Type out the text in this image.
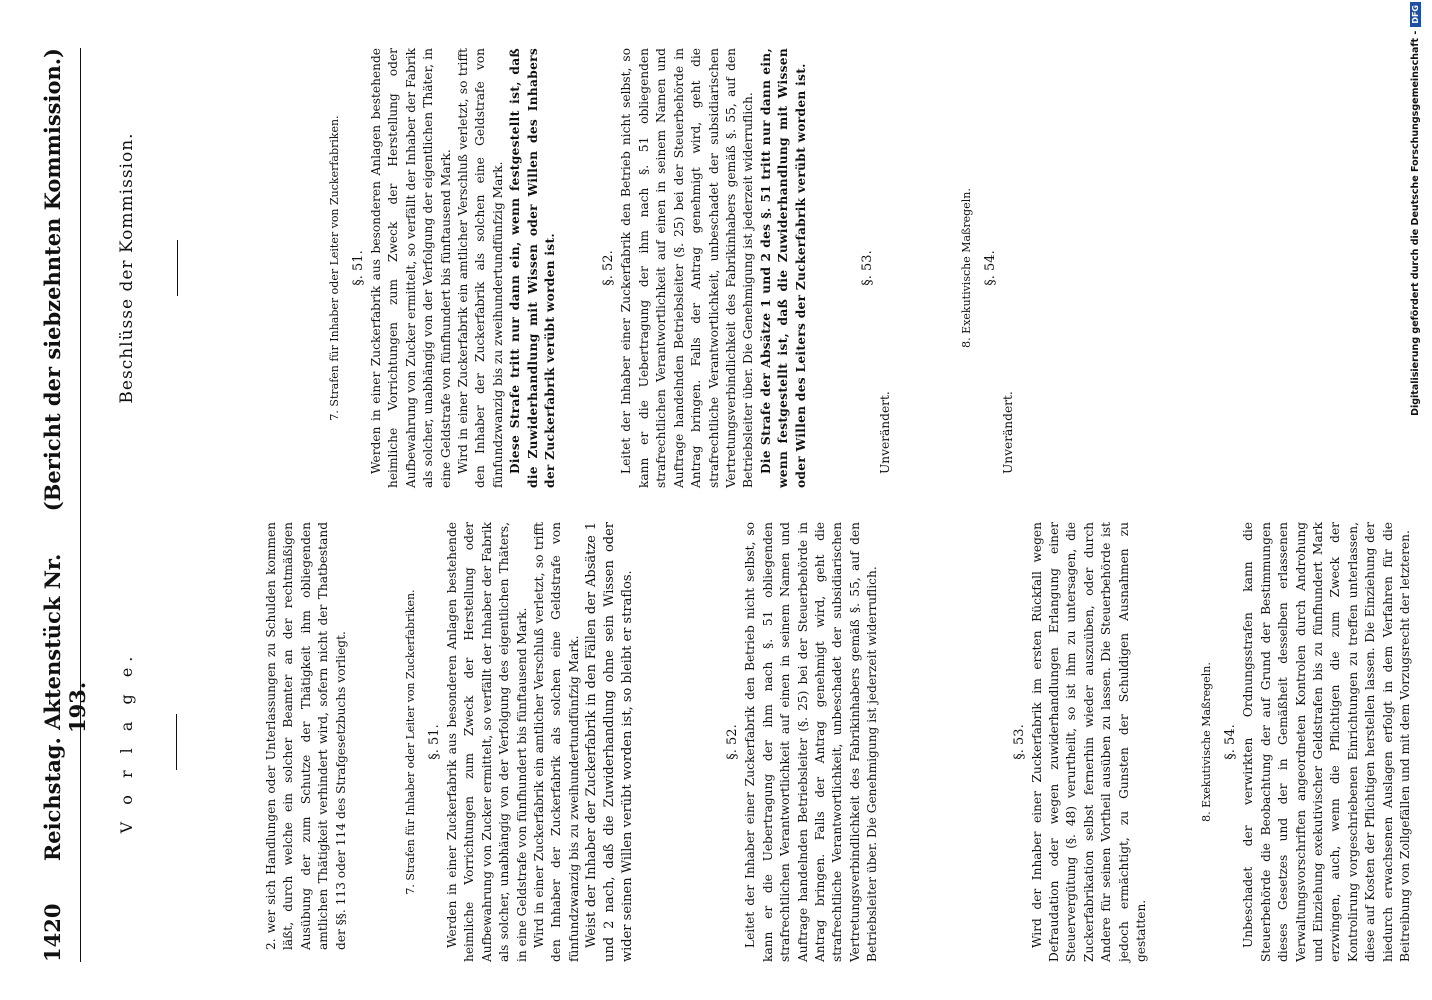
1420
Reichstag. Aktenstück Nr. 193.
(Bericht der siebzehnten Kommission.)
V o r l a g e.	2. wer sich Handlungen oder Unterlassungen zu Schulden kommen läßt, durch welche ein solcher Beamter an der rechtmäßigen Ausübung der zum Schutze der Thätigkeit ihm obliegenden amtlichen Thätigkeit verhindert wird, sofern nicht der Thatbestand der §§. 113 oder 114 des Strafgesetzbuchs vorliegt.	7. Strafen für Inhaber oder Leiter von Zuckerfabriken. §. 51. Werden in einer Zuckerfabrik aus besonderen Anlagen bestehende heimliche Vorrichtungen zum Zweck der Herstellung oder Aufbewahrung von Zucker ermittelt, so verfällt der Inhaber der Fabrik als solcher, unabhängig von der Verfolgung des eigentlichen Thäters, in eine Geldstrafe von fünfhundert bis fünftausend Mark. Wird in einer Zuckerfabrik ein amtlicher Verschluß verletzt, so trifft den Inhaber der Zuckerfabrik als solchen eine Geldstrafe von fünfundzwanzig bis zu zweihundertundfünfzig Mark. Weist der Inhaber der Zuckerfabrik in den Fällen der Absätze 1 und 2 nach, daß die Zuwiderhandlung ohne sein Wissen oder wider seinen Willen verübt worden ist, so bleibt er straflos.	§. 52. Leitet der Inhaber einer Zuckerfabrik den Betrieb nicht selbst, so kann er die Uebertragung der ihm nach §. 51 obliegenden strafrechtlichen Verantwortlichkeit auf einen in seinem Namen und Auftrage handelnden Betriebsleiter (§. 25) bei der Steuerbehörde in Antrag bringen. Falls der Antrag genehmigt wird, geht die strafrechtliche Verantwortlichkeit, unbeschadet der subsidiarischen Vertretungsverbindlichkeit des Fabrikinhabers gemäß §. 55, auf den Betriebsleiter über. Die Genehmigung ist jederzeit widerruflich.	§. 53. Wird der Inhaber einer Zuckerfabrik im ersten Rückfall wegen Defraudation oder wegen zuwiderhandlungen Erlangung einer Steuervergütung (§. 48) verurtheilt, so ist ihm zu untersagen, die Zuckerfabrikation selbst fernerhin wieder auszuüben, oder durch Andere für seinen Vortheil ausüben zu lassen. Die Steuerbehörde ist jedoch ermächtigt, zu Gunsten der Schuldigen Ausnahmen zu gestatten.

8. Exekutivische Maßregeln. §. 54. Unbeschadet der verwirkten Ordnungsstrafen kann die Steuerbehörde die Beobachtung der auf Grund der Bestimmungen dieses Gesetzes und der in Gemäßheit desselben erlassenen Verwaltungsvorschriften angeordneten Kontrolen durch Androhung und Einziehung exekutivischer Geldstrafen bis zu fünfhundert Mark erzwingen, auch, wenn die Pflichtigen die zum Zweck der Kontrolirung vorgeschriebenen Einrichtungen zu treffen unterlassen, diese auf Kosten der Pflichtigen herstellen lassen. Die Einziehung der hiedurch erwachsenen Auslagen erfolgt in dem Verfahren für die Beitreibung von Zollgefällen und mit dem Vorzugsrecht der letzteren.

Beschlüsse der Kommission.	7. Strafen für Inhaber oder Leiter von Zuckerfabriken. §. 51. Werden in einer Zuckerfabrik aus besonderen Anlagen bestehende heimliche Vorrichtungen zum Zweck der Herstellung oder Aufbewahrung von Zucker ermittelt, so verfällt der Inhaber der Fabrik als solcher, unabhängig von der Verfolgung der eigentlichen Thäter, in eine Geldstrafe von fünfhundert bis fünftausend Mark. Wird in einer Zuckerfabrik ein amtlicher Verschluß verletzt, so trifft den Inhaber der Zuckerfabrik als solchen eine Geldstrafe von fünfundzwanzig bis zu zweihundertundfünfzig Mark. Diese Strafe tritt nur dann ein, wenn festgestellt ist, daß die Zuwiderhandlung mit Wissen oder Willen des Inhabers der Zuckerfabrik verübt worden ist.	§. 52. Leitet der Inhaber einer Zuckerfabrik den Betrieb nicht selbst, so kann er die Uebertragung der ihm nach §. 51 obliegenden strafrechtlichen Verantwortlichkeit auf einen in seinem Namen und Auftrage handelnden Betriebsleiter (§. 25) bei der Steuerbehörde in Antrag bringen. Falls der Antrag genehmigt wird, geht die strafrechtliche Verantwortlichkeit, unbeschadet der subsidiarischen Vertretungsverbindlichkeit des Fabrikinhabers gemäß §. 55, auf den Betriebsleiter über. Die Genehmigung ist jederzeit widerruflich. Die Strafe der Absätze 1 und 2 des §. 51 tritt nur dann ein, wenn festgestellt ist, daß die Zuwiderhandlung mit Wissen oder Willen des Leiters der Zuckerfabrik verübt worden ist.	§. 53.

Unverändert.

8. Exekutivische Maßregeln. §. 54.

Unverändert.

Digitalisierung gefördert durch die Deutsche Forschungsgemeinschaft -
DFG
